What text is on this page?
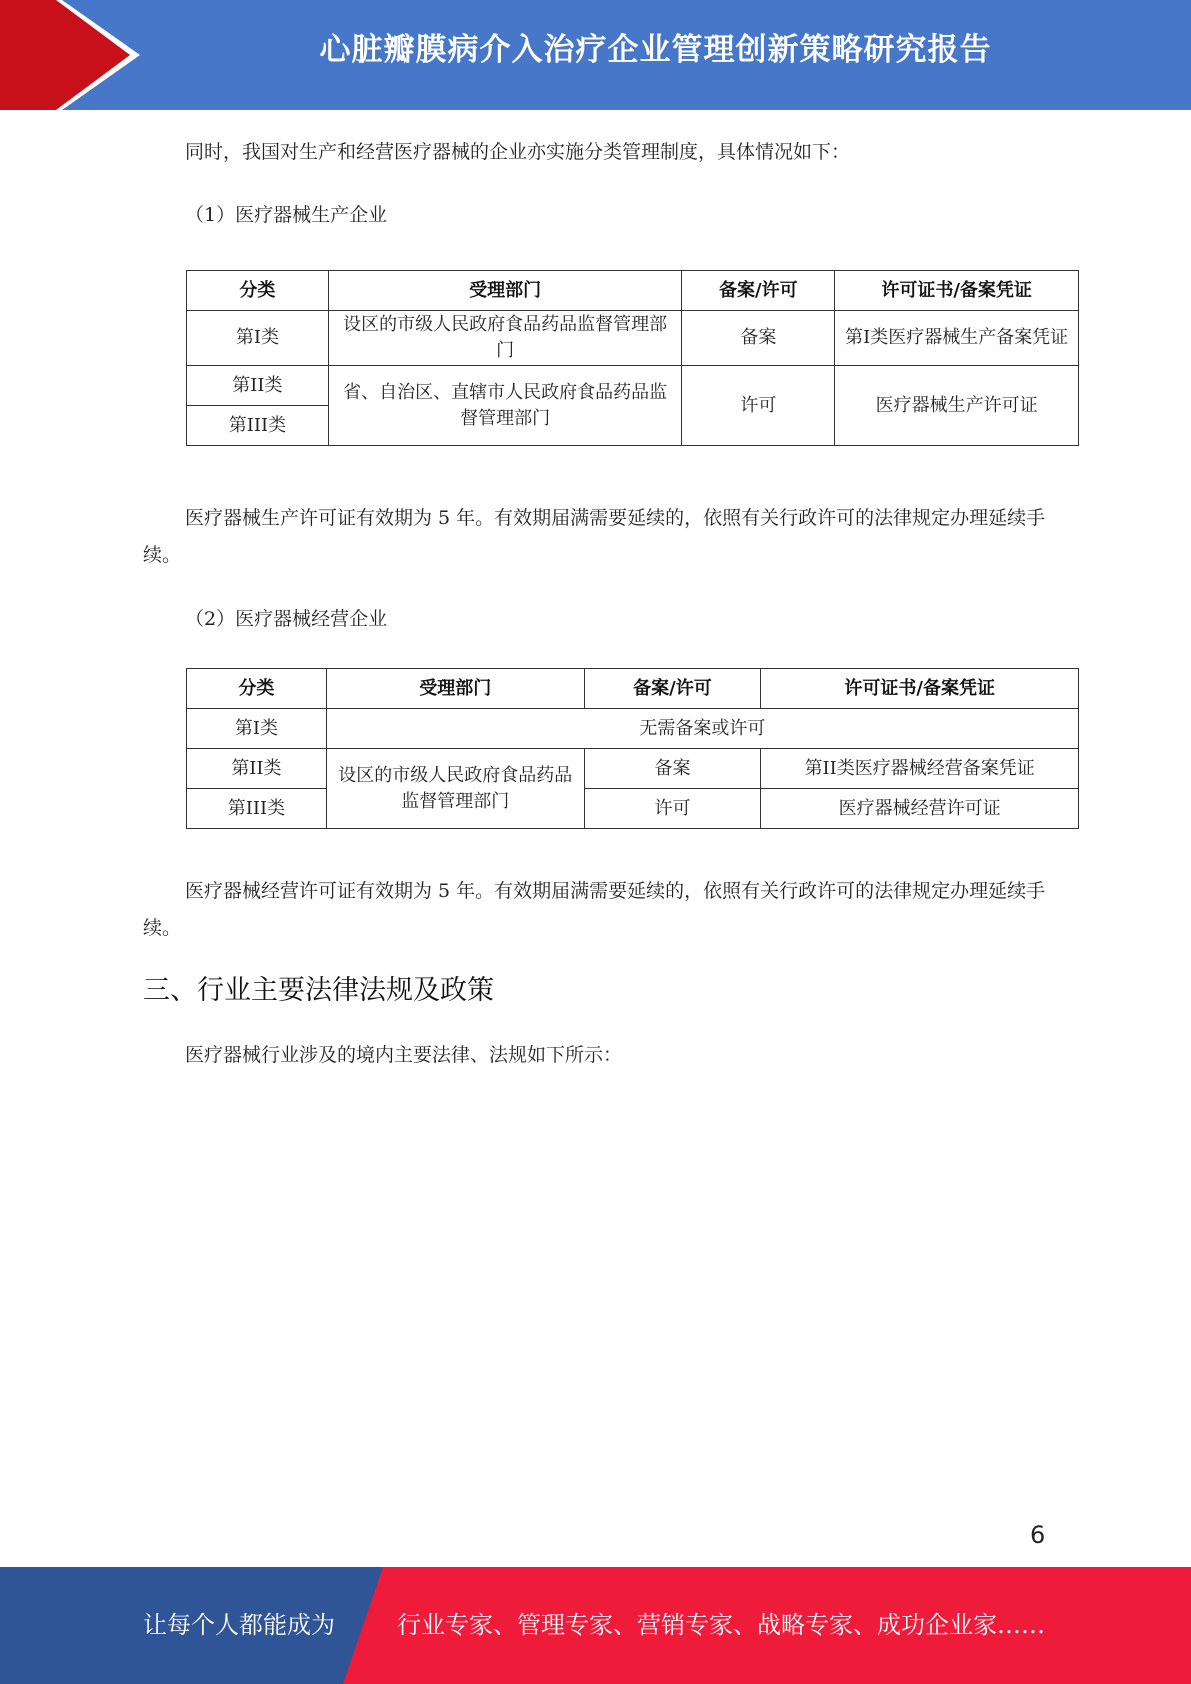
心脏瓣膜病介入治疗企业管理创新策略研究报告

同时，我国对生产和经营医疗器械的企业亦实施分类管理制度，具体情况如下：

（1）医疗器械生产企业

分类	受理部门	备案/许可	许可证书/备案凭证
第I类	设区的市级人民政府食品药品监督管理部门	备案	第I类医疗器械生产备案凭证
第II类	省、自治区、直辖市人民政府食品药品监督管理部门	许可	医疗器械生产许可证
第III类			

医疗器械生产许可证有效期为 5 年。有效期届满需要延续的，依照有关行政许可的法律规定办理延续手续。

（2）医疗器械经营企业

分类	受理部门	备案/许可	许可证书/备案凭证
第I类	无需备案或许可		
第II类	设区的市级人民政府食品药品监督管理部门	备案	第II类医疗器械经营备案凭证
第III类		许可	医疗器械经营许可证

医疗器械经营许可证有效期为 5 年。有效期届满需要延续的，依照有关行政许可的法律规定办理延续手续。

三、行业主要法律法规及政策

医疗器械行业涉及的境内主要法律、法规如下所示：

6
让每个人都能成为	行业专家、管理专家、营销专家、战略专家、成功企业家……
